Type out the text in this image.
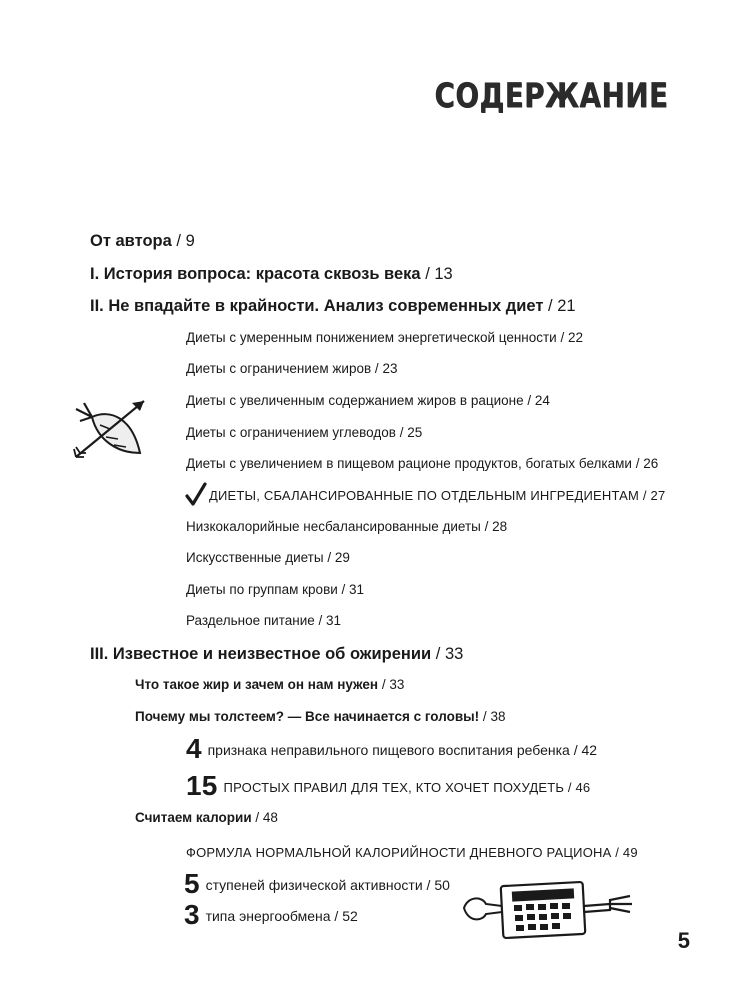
СОДЕРЖАНИЕ
От автора / 9
I. История вопроса: красота сквозь века / 13
II. Не впадайте в крайности. Анализ современных диет / 21
Диеты с умеренным понижением энергетической ценности / 22
Диеты с ограничением жиров / 23
Диеты с увеличенным содержанием жиров в рационе / 24
Диеты с ограничением углеводов / 25
Диеты с увеличением в пищевом рационе продуктов, богатых белками / 26
ДИЕТЫ, СБАЛАНСИРОВАННЫЕ ПО ОТДЕЛЬНЫМ ИНГРЕДИЕНТАМ / 27
Низкокалорийные несбалансированные диеты / 28
Искусственные диеты / 29
Диеты по группам крови / 31
Раздельное питание / 31
III. Известное и неизвестное об ожирении / 33
Что такое жир и зачем он нам нужен / 33
Почему мы толстеем? — Все начинается с головы! / 38
4 признака неправильного пищевого воспитания ребенка / 42
15 ПРОСТЫХ ПРАВИЛ ДЛЯ ТЕХ, КТО ХОЧЕТ ПОХУДЕТЬ / 46
Считаем калории / 48
ФОРМУЛА НОРМАЛЬНОЙ КАЛОРИЙНОСТИ ДНЕВНОГО РАЦИОНА / 49
5 ступеней физической активности / 50
3 типа энергообмена / 52
5
